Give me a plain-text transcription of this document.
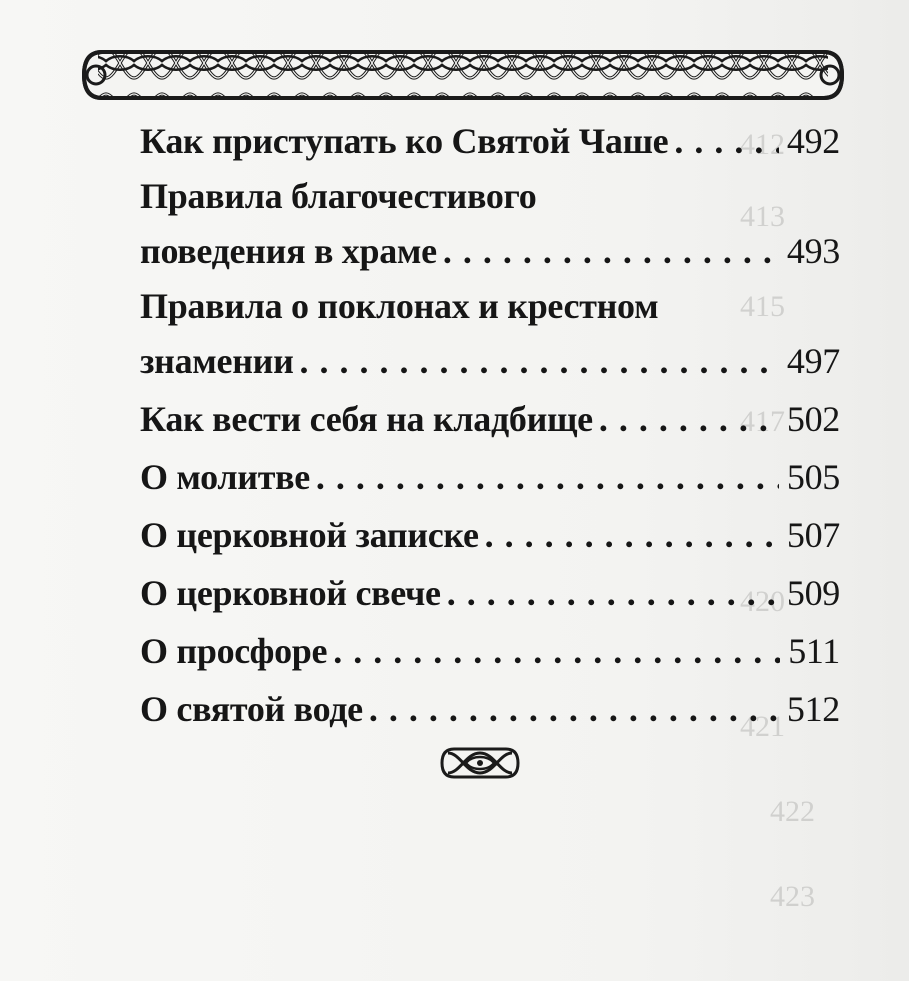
412
413
415
417
420
421
422
423
Как приступать ко Святой Чаше . . .	492
Правила благочестивого
поведения в храме . . .	493
Правила о поклонах и крестном
знамении . . .	497
Как вести себя на кладбище . . .	502
О молитве . . .	505
О церковной записке . . .	507
О церковной свече . . .	509
О просфоре . . .	511
О святой воде . . .	512
